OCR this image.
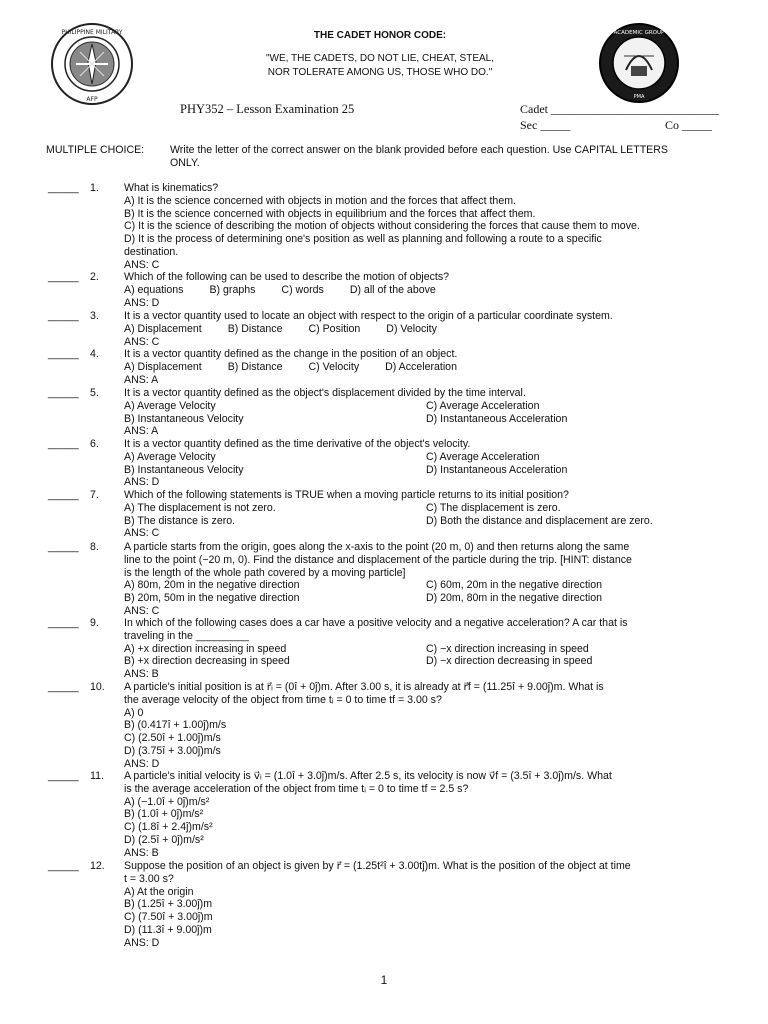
PHILIPPINE MILITARY
AFP
ACADEMIC GROUP
PMA
THE CADET HONOR CODE:
"WE, THE CADETS, DO NOT LIE, CHEAT, STEAL,
NOR TOLERATE AMONG US, THOSE WHO DO."
PHY352 – Lesson Examination 25	Cadet ____________________________
Sec _____	Co _____
MULTIPLE CHOICE: Write the letter of the correct answer on the blank provided before each question. Use CAPITAL LETTERS
ONLY.
_____ 1.	What is kinematics?
A) It is the science concerned with objects in motion and the forces that affect them.
B) It is the science concerned with objects in equilibrium and the forces that affect them.
C) It is the science of describing the motion of objects without considering the forces that cause them to move.
D) It is the process of determining one's position as well as planning and following a route to a specific
destination.
ANS: C
_____ 2.	Which of the following can be used to describe the motion of objects?
A) equations B) graphs C) words D) all of the above
ANS: D
_____ 3.	It is a vector quantity used to locate an object with respect to the origin of a particular coordinate system.
A) Displacement B) Distance C) Position D) Velocity
ANS: C
_____ 4.	It is a vector quantity defined as the change in the position of an object.
A) Displacement B) Distance C) Velocity D) Acceleration
ANS: A
_____ 5.	It is a vector quantity defined as the object's displacement divided by the time interval.
A) Average Velocity	C) Average Acceleration
B) Instantaneous Velocity	D) Instantaneous Acceleration
ANS: A
_____ 6.	It is a vector quantity defined as the time derivative of the object's velocity.
A) Average Velocity	C) Average Acceleration
B) Instantaneous Velocity	D) Instantaneous Acceleration
ANS: D
_____ 7.	Which of the following statements is TRUE when a moving particle returns to its initial position?
A) The displacement is not zero.	C) The displacement is zero.
B) The distance is zero.	D) Both the distance and displacement are zero.
ANS: C
_____ 8.	A particle starts from the origin, goes along the x-axis to the point (20 m, 0) and then returns along the same
line to the point (−20 m, 0). Find the distance and displacement of the particle during the trip. [HINT: distance
is the length of the whole path covered by a moving particle]
A) 80m, 20m in the negative direction	C) 60m, 20m in the negative direction
B) 20m, 50m in the negative direction	D) 20m, 80m in the negative direction
ANS: C
_____ 9.	In which of the following cases does a car have a positive velocity and a negative acceleration? A car that is
traveling in the _________
A) +x direction increasing in speed	C) −x direction increasing in speed
B) +x direction decreasing in speed	D) −x direction decreasing in speed
ANS: B
_____ 10.	A particle's initial position is at r⃗ᵢ = (0î + 0ĵ)m. After 3.00 s, it is already at r⃗f = (11.25î + 9.00ĵ)m. What is
the average velocity of the object from time tᵢ = 0 to time tf = 3.00 s?
A) 0
B) (0.417î + 1.00ĵ)m/s
C) (2.50î + 1.00ĵ)m/s
D) (3.75î + 3.00ĵ)m/s
ANS: D
_____ 11.	A particle's initial velocity is v⃗ᵢ = (1.0î + 3.0ĵ)m/s. After 2.5 s, its velocity is now v⃗f = (3.5î + 3.0ĵ)m/s. What
is the average acceleration of the object from time tᵢ = 0 to time tf = 2.5 s?
A) (−1.0î + 0ĵ)m/s²
B) (1.0î + 0ĵ)m/s²
C) (1.8î + 2.4ĵ)m/s²
D) (2.5î + 0ĵ)m/s²
ANS: B
_____ 12.	Suppose the position of an object is given by r⃗ = (1.25t²î + 3.00tĵ)m. What is the position of the object at time
t = 3.00 s?
A) At the origin
B) (1.25î + 3.00ĵ)m
C) (7.50î + 3.00ĵ)m
D) (11.3î + 9.00ĵ)m
ANS: D
1
